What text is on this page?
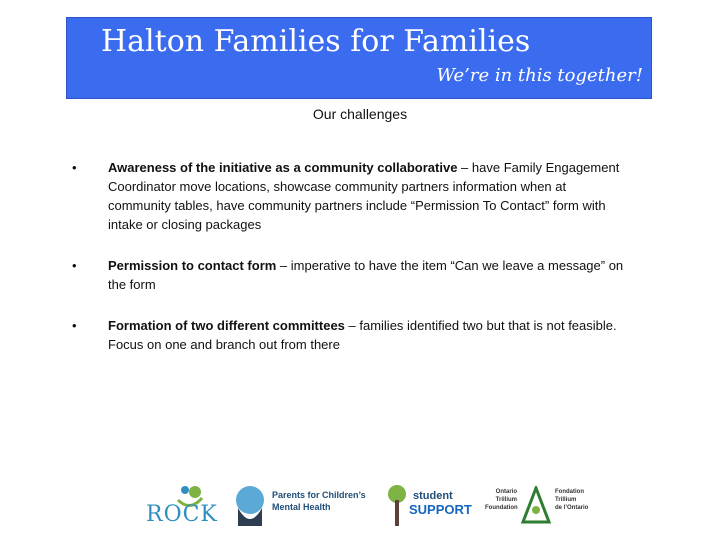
Halton Families for Families
We’re in this together!
Our challenges
•	Awareness of the initiative as a community collaborative – have Family Engagement Coordinator move locations, showcase community partners information when at community tables, have community partners include “Permission To Contact” form with intake or closing packages
•	Permission to contact form – imperative to have the item “Can we leave a message” on the form
•	Formation of two different committees – families identified two but that is not feasible. Focus on one and branch out from there
ROCK
Parents for Children’s
Mental Health
student
SUPPORT
Ontario
Trillium
Foundation
Fondation
Trillium
de l’Ontario
